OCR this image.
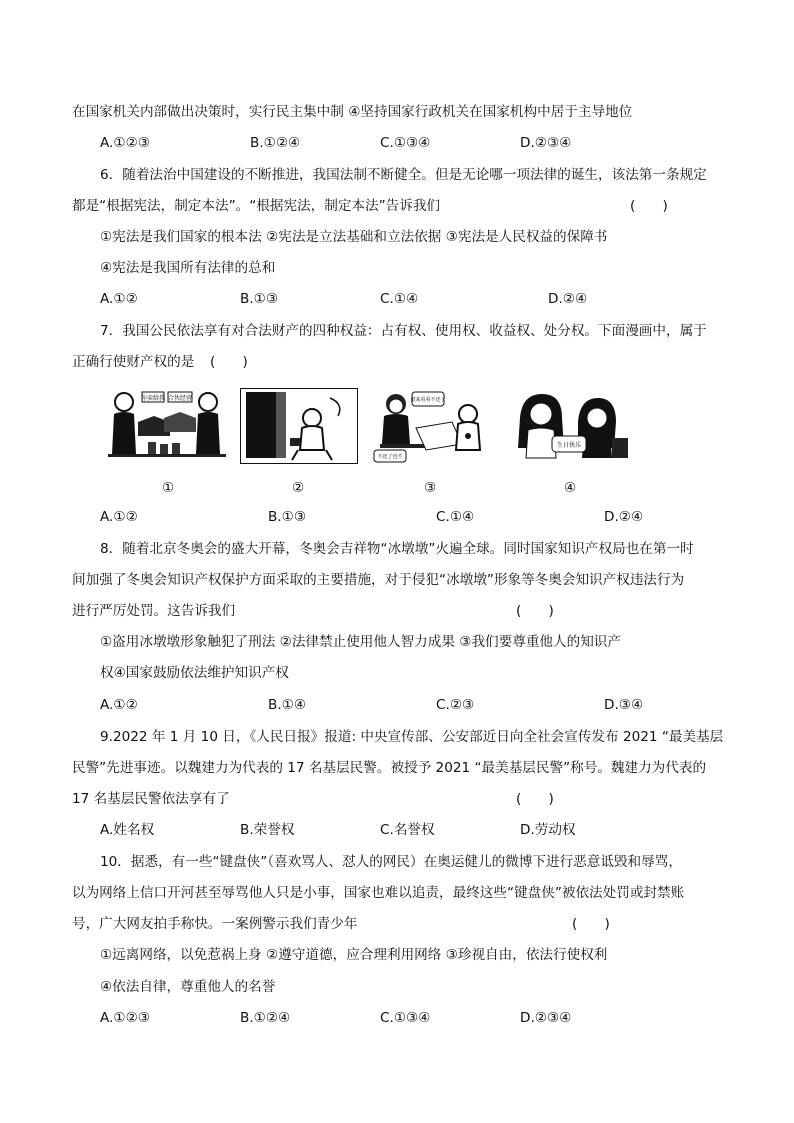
在国家机关内部做出决策时，实行民主集中制 ④坚持国家行政机关在国家机构中居于主导地位
A.①②③	B.①②④	C.①③④	D.②③④
6．随着法治中国建设的不断推进，我国法制不断健全。但是无论哪一项法律的诞生，该法第一条规定
都是“根据宪法，制定本法”。“根据宪法，制定本法”告诉我们	(　　)
①宪法是我们国家的根本法 ②宪法是立法基础和立法依据 ③宪法是人民权益的保障书
④宪法是我国所有法律的总和
A.①②	B.①③	C.①④	D.②④
7．我国公民依法享有对合法财产的四种权益：占有权、使用权、收益权、处分权。下面漫画中，属于
正确行使财产权的是 (　　)
你卖给我 合伙经营
①	②
借来看看不还了
不还了也不
③
生日快乐
④
A.①②	B.①③	C.①④	D.②④
8．随着北京冬奥会的盛大开幕，冬奥会吉祥物“冰墩墩”火遍全球。同时国家知识产权局也在第一时
间加强了冬奥会知识产权保护方面采取的主要措施，对于侵犯“冰墩墩”形象等冬奥会知识产权违法行为
进行严厉处罚。这告诉我们	(　　)
①盗用冰墩墩形象触犯了刑法 ②法律禁止使用他人智力成果 ③我们要尊重他人的知识产
权④国家鼓励依法维护知识产权
A.①②	B.①④	C.②③	D.③④
9.2022 年 1 月 10 日，《人民日报》报道: 中央宣传部、公安部近日向全社会宣传发布 2021 “最美基层
民警”先进事迹。以魏建力为代表的 17 名基层民警。被授予 2021 “最美基层民警”称号。魏建力为代表的
17 名基层民警依法享有了	(　　)
A.姓名权	B.荣誉权	C.名誉权	D.劳动权
10．据悉，有一些“键盘侠”（喜欢骂人、怼人的网民）在奥运健儿的微博下进行恶意诋毁和辱骂，
以为网络上信口开河甚至辱骂他人只是小事，国家也难以追责，最终这些“键盘侠”被依法处罚或封禁账
号，广大网友拍手称快。一案例警示我们青少年	(　　)
①远离网络，以免惹祸上身 ②遵守道德，应合理利用网络 ③珍视自由，依法行使权利
④依法自律，尊重他人的名誉
A.①②③	B.①②④	C.①③④	D.②③④
